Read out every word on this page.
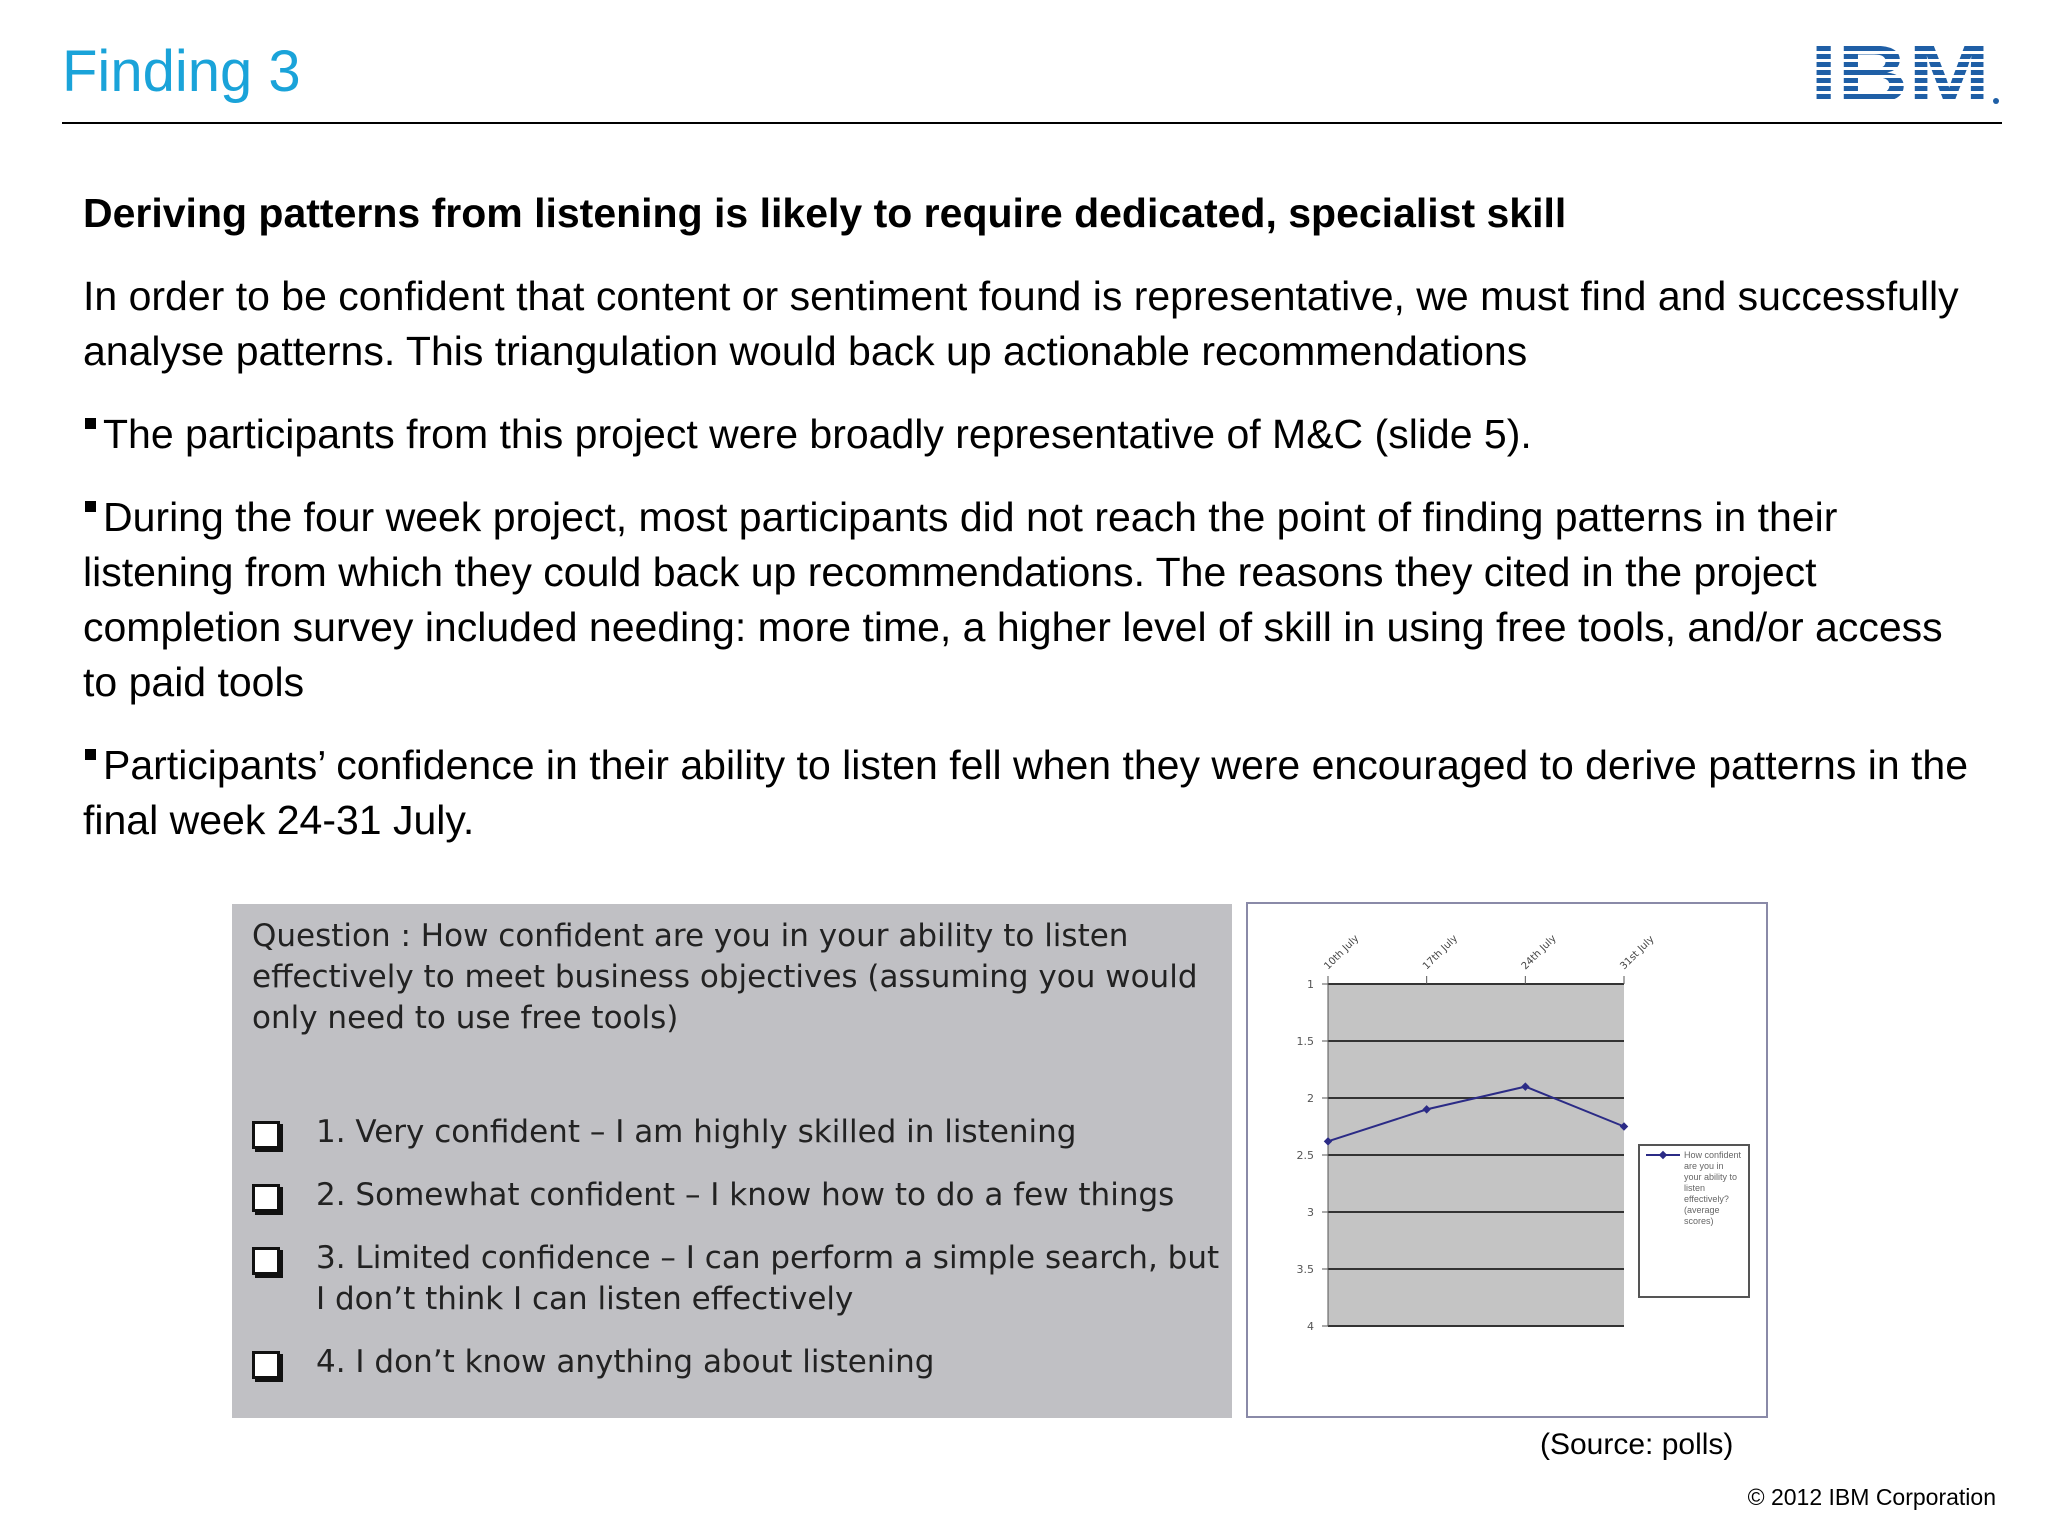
Finding 3

Deriving patterns from listening is likely to require dedicated, specialist skill

In order to be confident that content or sentiment found is representative, we must find and successfully analyse patterns. This triangulation would back up actionable recommendations

The participants from this project were broadly representative of M&C (slide 5).

During the four week project, most participants did not reach the point of finding patterns in their listening from which they could back up recommendations. The reasons they cited in the project completion survey included needing: more time, a higher level of skill in using free tools, and/or access to paid tools

Participants’ confidence in their ability to listen fell when they were encouraged to derive patterns in the final week 24-31 July.

Question : How confident are you in your ability to listen effectively to meet business objectives (assuming you would only need to use free tools)
1. Very confident – I am highly skilled in listening
2. Somewhat confident – I know how to do a few things
3. Limited confidence – I can perform a simple search, but I don’t think I can listen effectively
4. I don’t know anything about listening
1
1.5
2
2.5
3
3.5
4
10th July	17th July	24th July	31st July
How confident are you in your ability to listen effectively? (average scores)
(Source: polls)
© 2012 IBM Corporation
